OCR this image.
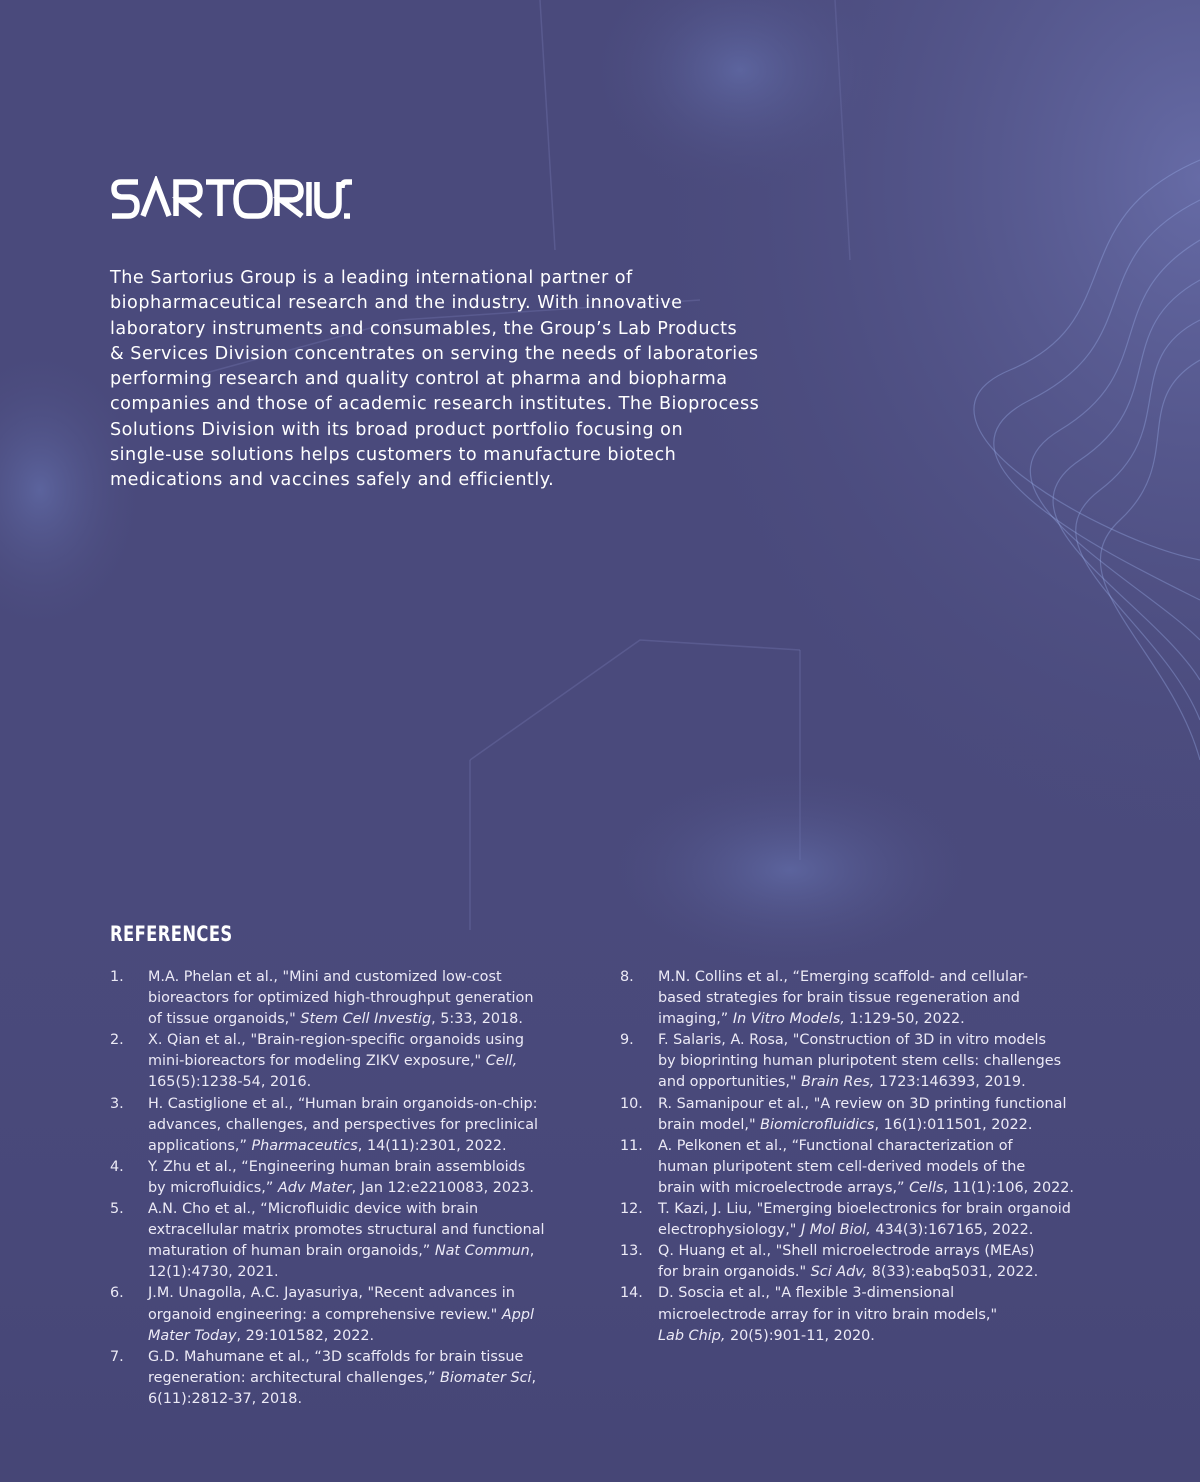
The Sartorius Group is a leading international partner of
biopharmaceutical research and the industry. With innovative
laboratory instruments and consumables, the Group’s Lab Products
& Services Division concentrates on serving the needs of laboratories
performing research and quality control at pharma and biopharma
companies and those of academic research institutes. The Bioprocess
Solutions Division with its broad product portfolio focusing on
single-use solutions helps customers to manufacture biotech
medications and vaccines safely and efficiently.
REFERENCES
1. M.A. Phelan et al., "Mini and customized low-cost
bioreactors for optimized high-throughput generation
of tissue organoids," Stem Cell Investig, 5:33, 2018.
2. X. Qian et al., "Brain-region-specific organoids using
mini-bioreactors for modeling ZIKV exposure," Cell,
165(5):1238-54, 2016.
3. H. Castiglione et al., “Human brain organoids-on-chip:
advances, challenges, and perspectives for preclinical
applications,” Pharmaceutics, 14(11):2301, 2022.
4. Y. Zhu et al., “Engineering human brain assembloids
by microfluidics,” Adv Mater, Jan 12:e2210083, 2023.
5. A.N. Cho et al., “Microfluidic device with brain
extracellular matrix promotes structural and functional
maturation of human brain organoids,” Nat Commun,
12(1):4730, 2021.
6. J.M. Unagolla, A.C. Jayasuriya, "Recent advances in
organoid engineering: a comprehensive review." Appl
Mater Today, 29:101582, 2022.
7. G.D. Mahumane et al., “3D scaffolds for brain tissue
regeneration: architectural challenges,” Biomater Sci,
6(11):2812-37, 2018.
8. M.N. Collins et al., “Emerging scaffold- and cellular-
based strategies for brain tissue regeneration and
imaging,” In Vitro Models, 1:129-50, 2022.
9. F. Salaris, A. Rosa, "Construction of 3D in vitro models
by bioprinting human pluripotent stem cells: challenges
and opportunities," Brain Res, 1723:146393, 2019.
10. R. Samanipour et al., "A review on 3D printing functional
brain model," Biomicrofluidics, 16(1):011501, 2022.
11. A. Pelkonen et al., “Functional characterization of
human pluripotent stem cell-derived models of the
brain with microelectrode arrays,” Cells, 11(1):106, 2022.
12. T. Kazi, J. Liu, "Emerging bioelectronics for brain organoid
electrophysiology," J Mol Biol, 434(3):167165, 2022.
13. Q. Huang et al., "Shell microelectrode arrays (MEAs)
for brain organoids." Sci Adv, 8(33):eabq5031, 2022.
14. D. Soscia et al., "A flexible 3-dimensional
microelectrode array for in vitro brain models,"
Lab Chip, 20(5):901-11, 2020.
